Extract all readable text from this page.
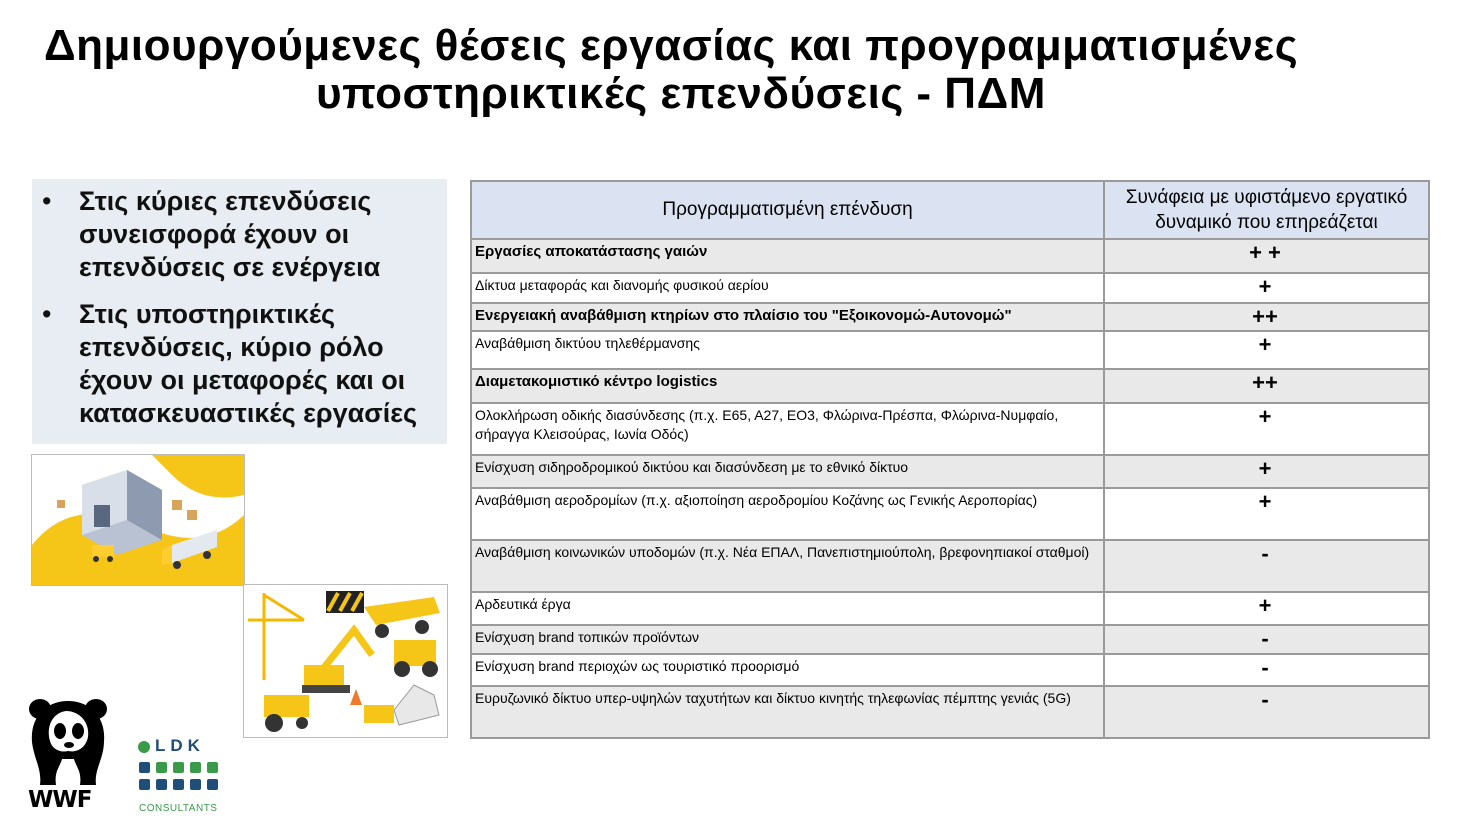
Δημιουργούμενες θέσεις εργασίας και προγραμματισμένες
υποστηρικτικές επενδύσεις - ΠΔΜ
• Στις κύριες επενδύσεις συνεισφορά έχουν οι επενδύσεις σε ενέργεια
• Στις υποστηρικτικές επενδύσεις, κύριο ρόλο έχουν οι μεταφορές και οι κατασκευαστικές εργασίες
WWF
LDK
CONSULTANTS
Προγραμματισμένη επένδυση	Συνάφεια με υφιστάμενο εργατικό δυναμικό που επηρεάζεται
Εργασίες αποκατάστασης γαιών	+ +
Δίκτυα μεταφοράς και διανομής φυσικού αερίου	+
Ενεργειακή αναβάθμιση κτηρίων στο πλαίσιο του "Εξοικονομώ-Αυτονομώ"	++
Αναβάθμιση δικτύου τηλεθέρμανσης	+
Διαμετακομιστικό κέντρο logistics	++
Ολοκλήρωση οδικής διασύνδεσης (π.χ. Ε65, Α27, ΕΟ3, Φλώρινα-Πρέσπα, Φλώρινα-Νυμφαίο, σήραγγα Κλεισούρας, Ιωνία Οδός)	+
Ενίσχυση σιδηροδρομικού δικτύου και διασύνδεση με το εθνικό δίκτυο	+
Αναβάθμιση αεροδρομίων (π.χ. αξιοποίηση αεροδρομίου Κοζάνης ως Γενικής Αεροπορίας)	+
Αναβάθμιση κοινωνικών υποδομών (π.χ. Νέα ΕΠΑΛ, Πανεπιστημιούπολη, βρεφονηπιακοί σταθμοί)	-
Αρδευτικά έργα	+
Ενίσχυση brand τοπικών προϊόντων	-
Ενίσχυση brand περιοχών ως τουριστικό προορισμό	-
Ευρυζωνικό δίκτυο υπερ-υψηλών ταχυτήτων και δίκτυο κινητής τηλεφωνίας πέμπτης γενιάς (5G)	-
